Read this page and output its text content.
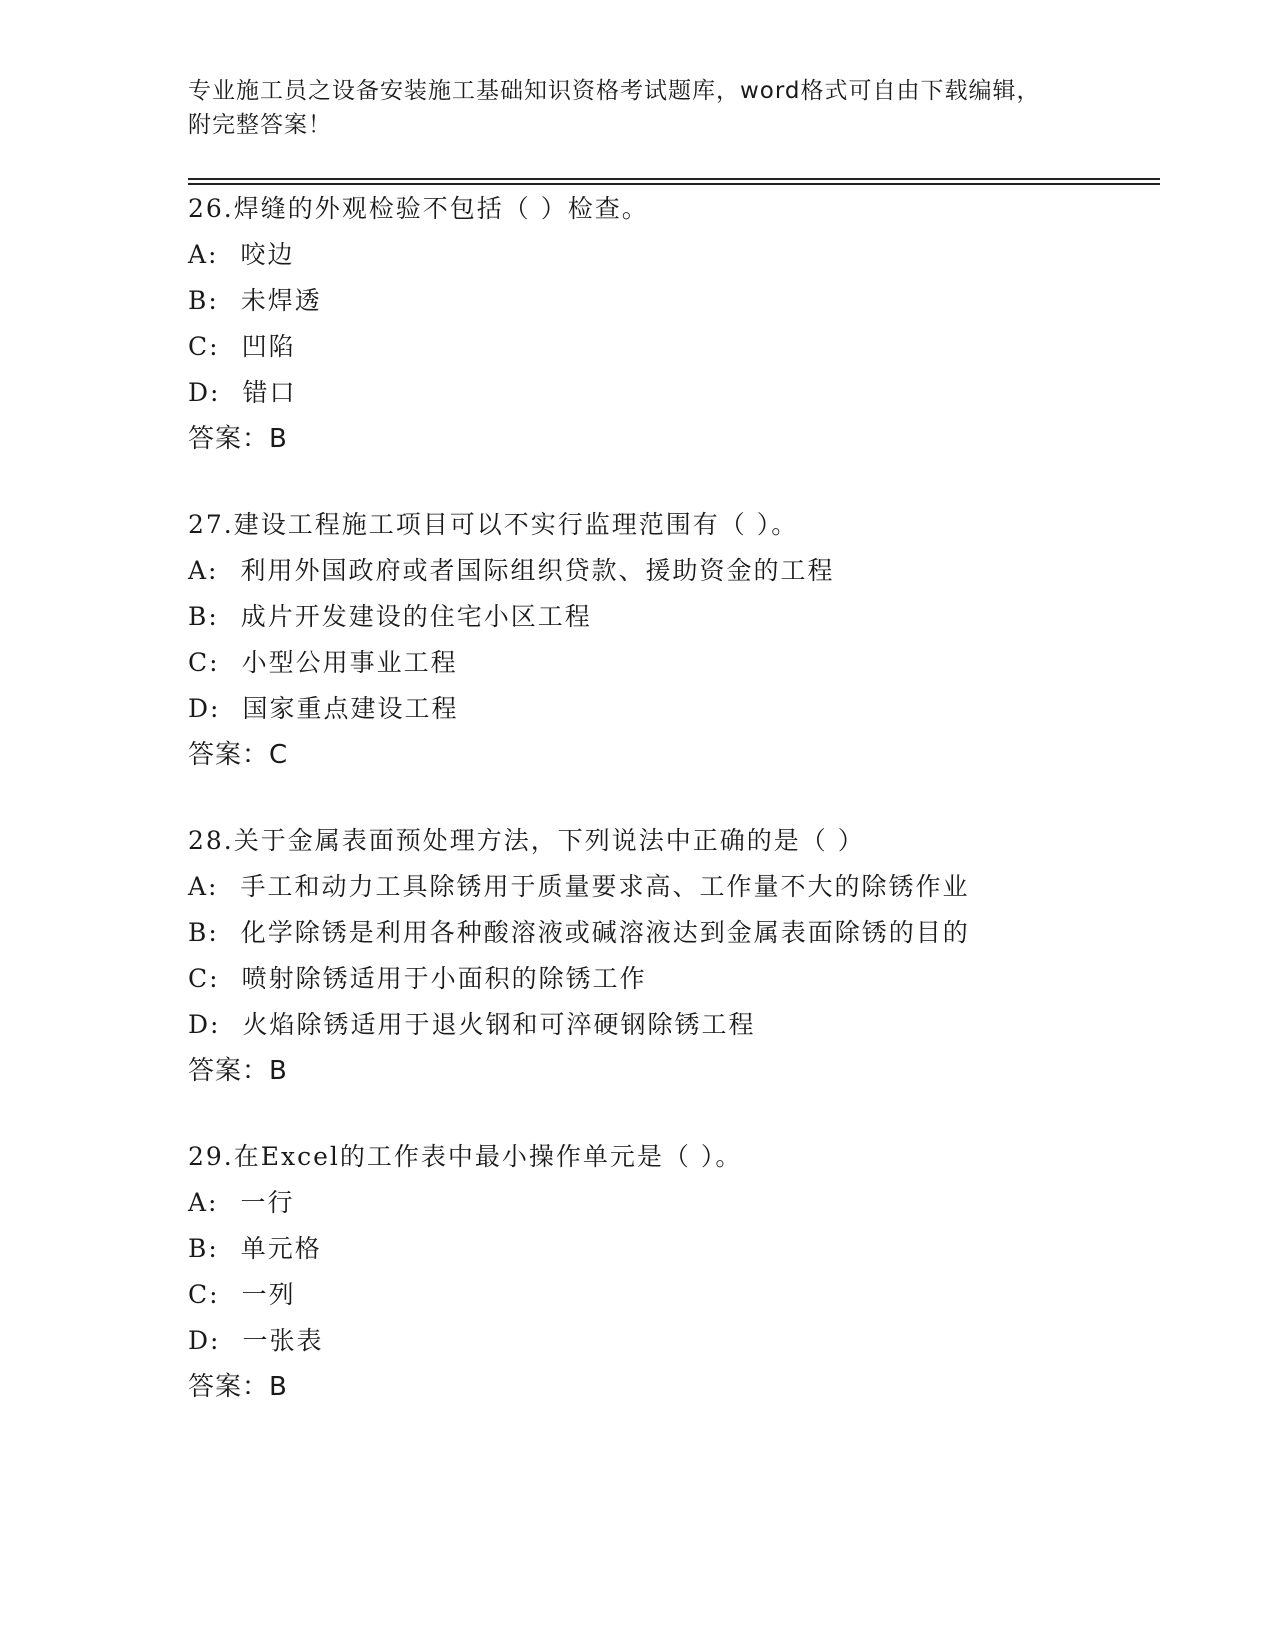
专业施工员之设备安装施工基础知识资格考试题库，word格式可自由下载编辑，
附完整答案！
26.焊缝的外观检验不包括（ ）检查。
A: 咬边
B: 未焊透
C: 凹陷
D: 错口
答案：B
27.建设工程施工项目可以不实行监理范围有（ ）。
A: 利用外国政府或者国际组织贷款、援助资金的工程
B: 成片开发建设的住宅小区工程
C: 小型公用事业工程
D: 国家重点建设工程
答案：C
28.关于金属表面预处理方法，下列说法中正确的是（ ）
A: 手工和动力工具除锈用于质量要求高、工作量不大的除锈作业
B: 化学除锈是利用各种酸溶液或碱溶液达到金属表面除锈的目的
C: 喷射除锈适用于小面积的除锈工作
D: 火焰除锈适用于退火钢和可淬硬钢除锈工程
答案：B
29.在Excel的工作表中最小操作单元是（ ）。
A: 一行
B: 单元格
C: 一列
D: 一张表
答案：B
